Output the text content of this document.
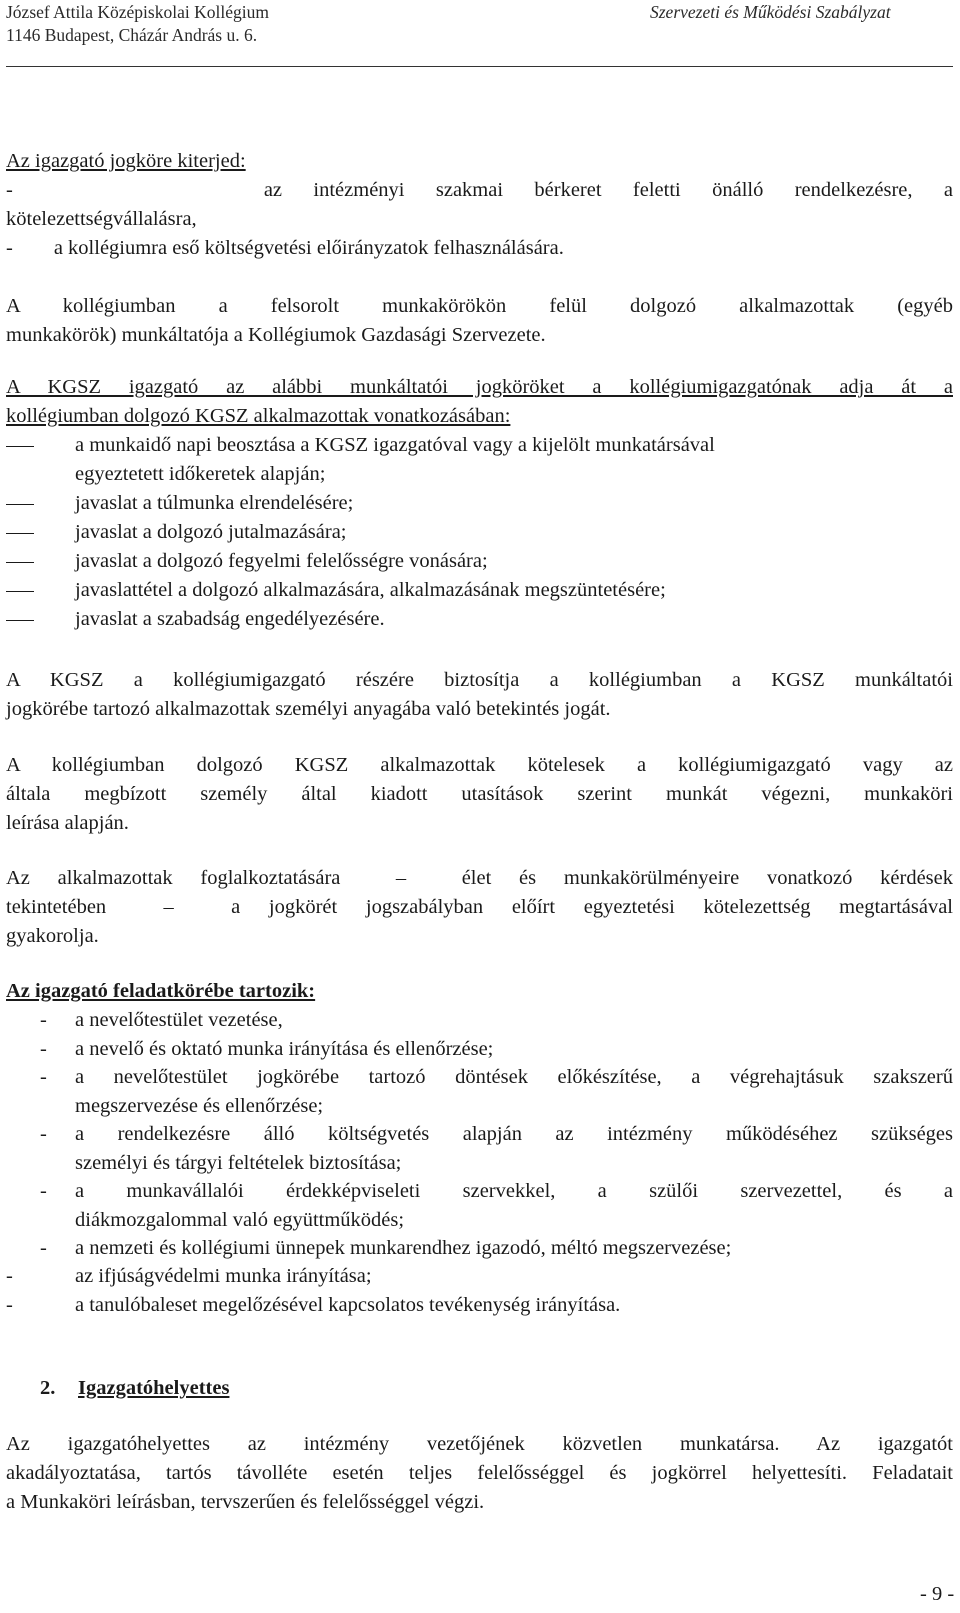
József Attila Középiskolai Kollégium
1146 Budapest, Cházár András u. 6.
Szervezeti és Működési Szabályzat
Az igazgató jogköre kiterjed:
-        az intézményi szakmai bérkeret feletti önálló rendelkezésre, a
kötelezettségvállalásra,
-        a kollégiumra eső költségvetési előirányzatok felhasználására.
A kollégiumban a felsorolt munkakörökön felül dolgozó alkalmazottak (egyéb
munkakörök) munkáltatója a Kollégiumok Gazdasági Szervezete.
A KGSZ igazgató az alábbi munkáltatói jogköröket a kollégiumigazgatónak adja át a
kollégiumban dolgozó KGSZ alkalmazottak vonatkozásában:
a munkaidő napi beosztása a KGSZ igazgatóval vagy a kijelölt munkatársával
egyeztetett időkeretek alapján;
javaslat a túlmunka elrendelésére;
javaslat a dolgozó jutalmazására;
javaslat a dolgozó fegyelmi felelősségre vonására;
javaslattétel a dolgozó alkalmazására, alkalmazásának megszüntetésére;
javaslat a szabadság engedélyezésére.
A KGSZ a kollégiumigazgató részére biztosítja a kollégiumban a KGSZ munkáltatói
jogkörébe tartozó alkalmazottak személyi anyagába való betekintés jogát.
A kollégiumban dolgozó KGSZ alkalmazottak kötelesek a kollégiumigazgató vagy az
általa megbízott személy által kiadott utasítások szerint munkát végezni, munkaköri
leírása alapján.
Az alkalmazottak foglalkoztatására  –  élet és munkakörülményeire vonatkozó kérdések
tekintetében  –  a jogkörét jogszabályban előírt egyeztetési kötelezettség megtartásával
gyakorolja.
Az igazgató feladatkörébe tartozik:
- a nevelőtestület vezetése,
- a nevelő és oktató munka irányítása és ellenőrzése;
- a nevelőtestület jogkörébe tartozó döntések előkészítése, a végrehajtásuk szakszerű
megszervezése és ellenőrzése;
- a rendelkezésre álló költségvetés alapján az intézmény működéséhez szükséges
személyi és tárgyi feltételek biztosítása;
- a munkavállalói érdekképviseleti szervekkel, a szülői szervezettel, és a
diákmozgalommal való együttműködés;
- a nemzeti és kollégiumi ünnepek munkarendhez igazodó, méltó megszervezése;
-	az ifjúságvédelmi munka irányítása;
-	a tanulóbaleset megelőzésével kapcsolatos tevékenység irányítása.
2. Igazgatóhelyettes
Az igazgatóhelyettes az intézmény vezetőjének közvetlen munkatársa. Az igazgatót
akadályoztatása, tartós távolléte esetén teljes felelősséggel és jogkörrel helyettesíti. Feladatait
a Munkaköri leírásban, tervszerűen és felelősséggel végzi.
- 9 -
